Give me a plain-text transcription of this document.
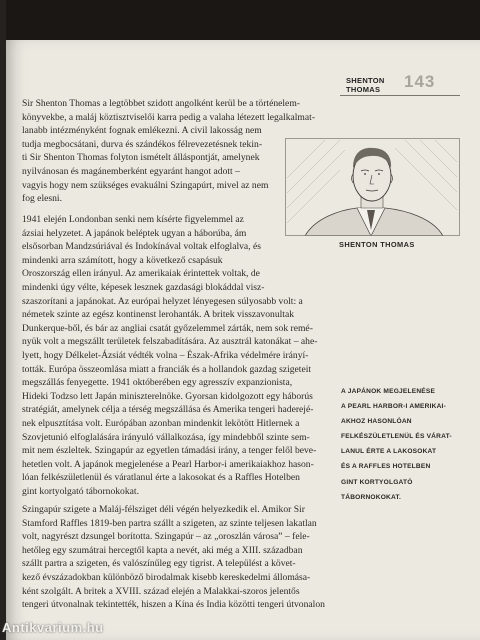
SHENTON
THOMAS	143

Sir Shenton Thomas a legtöbbet szidott angolként kerül be a történelem-

könyvekbe, a maláj köztisztviselői karra pedig a valaha létezett legalkalmat-

lanabb intézményként fognak emlékezni. A civil lakosság nem

tudja megbocsátani, durva és szándékos félrevezetésnek tekin-

ti Sir Shenton Thomas folyton ismételt álláspontját, amelynek

nyilvánosan és magánemberként egyaránt hangot adott –

vagyis hogy nem szükséges evakuálni Szingapúrt, mivel az nem

fog elesni.

1941 elején Londonban senki nem kísérte figyelemmel az

ázsiai helyzetet. A japánok beléptek ugyan a háborúba, ám

elsősorban Mandzsúriával és Indokínával voltak elfoglalva, és

mindenki arra számított, hogy a következő csapásuk

Oroszország ellen irányul. Az amerikaiak érintettek voltak, de

mindenki úgy vélte, képesek lesznek gazdasági blokáddal visz-

szaszorítani a japánokat. Az európai helyzet lényegesen súlyosabb volt: a

németek szinte az egész kontinenst lerohanták. A britek visszavonultak

Dunkerque-ből, és bár az angliai csatát győzelemmel zárták, nem sok remé-

nyük volt a megszállt területek felszabadítására. Az ausztrál katonákat – ahe-

lyett, hogy Délkelet-Ázsiát védték volna – Észak-Afrika védelmére irányí-

tották. Európa összeomlása miatt a franciák és a hollandok gazdag szigeteit

megszállás fenyegette. 1941 októberében egy agresszív expanzionista,

Hideki Todzso lett Japán miniszterelnöke. Gyorsan kidolgozott egy háborús

stratégiát, amelynek célja a térség megszállása és Amerika tengeri haderejé-

nek elpusztítása volt. Európában azonban mindenkit lekötött Hitlernek a

Szovjetunió elfoglalására irányuló vállalkozása, így mindebből szinte sem-

mit nem észleltek. Szingapúr az egyetlen támadási irány, a tenger felől beve-

hetetlen volt. A japánok megjelenése a Pearl Harbor-i amerikaiakhoz hason-

lóan felkészületlenül és váratlanul érte a lakosokat és a Raffles Hotelben

gint kortyolgató tábornokokat.

Szingapúr szigete a Maláj-félsziget déli végén helyezkedik el. Amikor Sir

Stamford Raffles 1819-ben partra szállt a szigeten, az szinte teljesen lakatlan

volt, nagyrészt dzsungel borította. Szingapúr – az „oroszlán városa” – fele-

hetőleg egy szumátrai hercegtől kapta a nevét, aki még a XIII. században

szállt partra a szigeten, és valószínűleg egy tigrist. A települést a követ-

kező évszázadokban különböző birodalmak kisebb kereskedelmi állomása-

ként szolgált. A britek a XVIII. század elején a Malakkai-szoros jelentős

tengeri útvonalnak tekintették, hiszen a Kína és India közötti tengeri útvonalon

SHENTON THOMAS
A JAPÁNOK MEGJELENÉSE
A PEARL HARBOR-I AMERIKAI-
AKHOZ HASONLÓAN
FELKÉSZÜLETLENÜL ÉS VÁRAT-
LANUL ÉRTE A LAKOSOKAT
ÉS A RAFFLES HOTELBEN
GINT KORTYOLGATÓ
TÁBORNOKOKAT.
Antikvarium.hu
